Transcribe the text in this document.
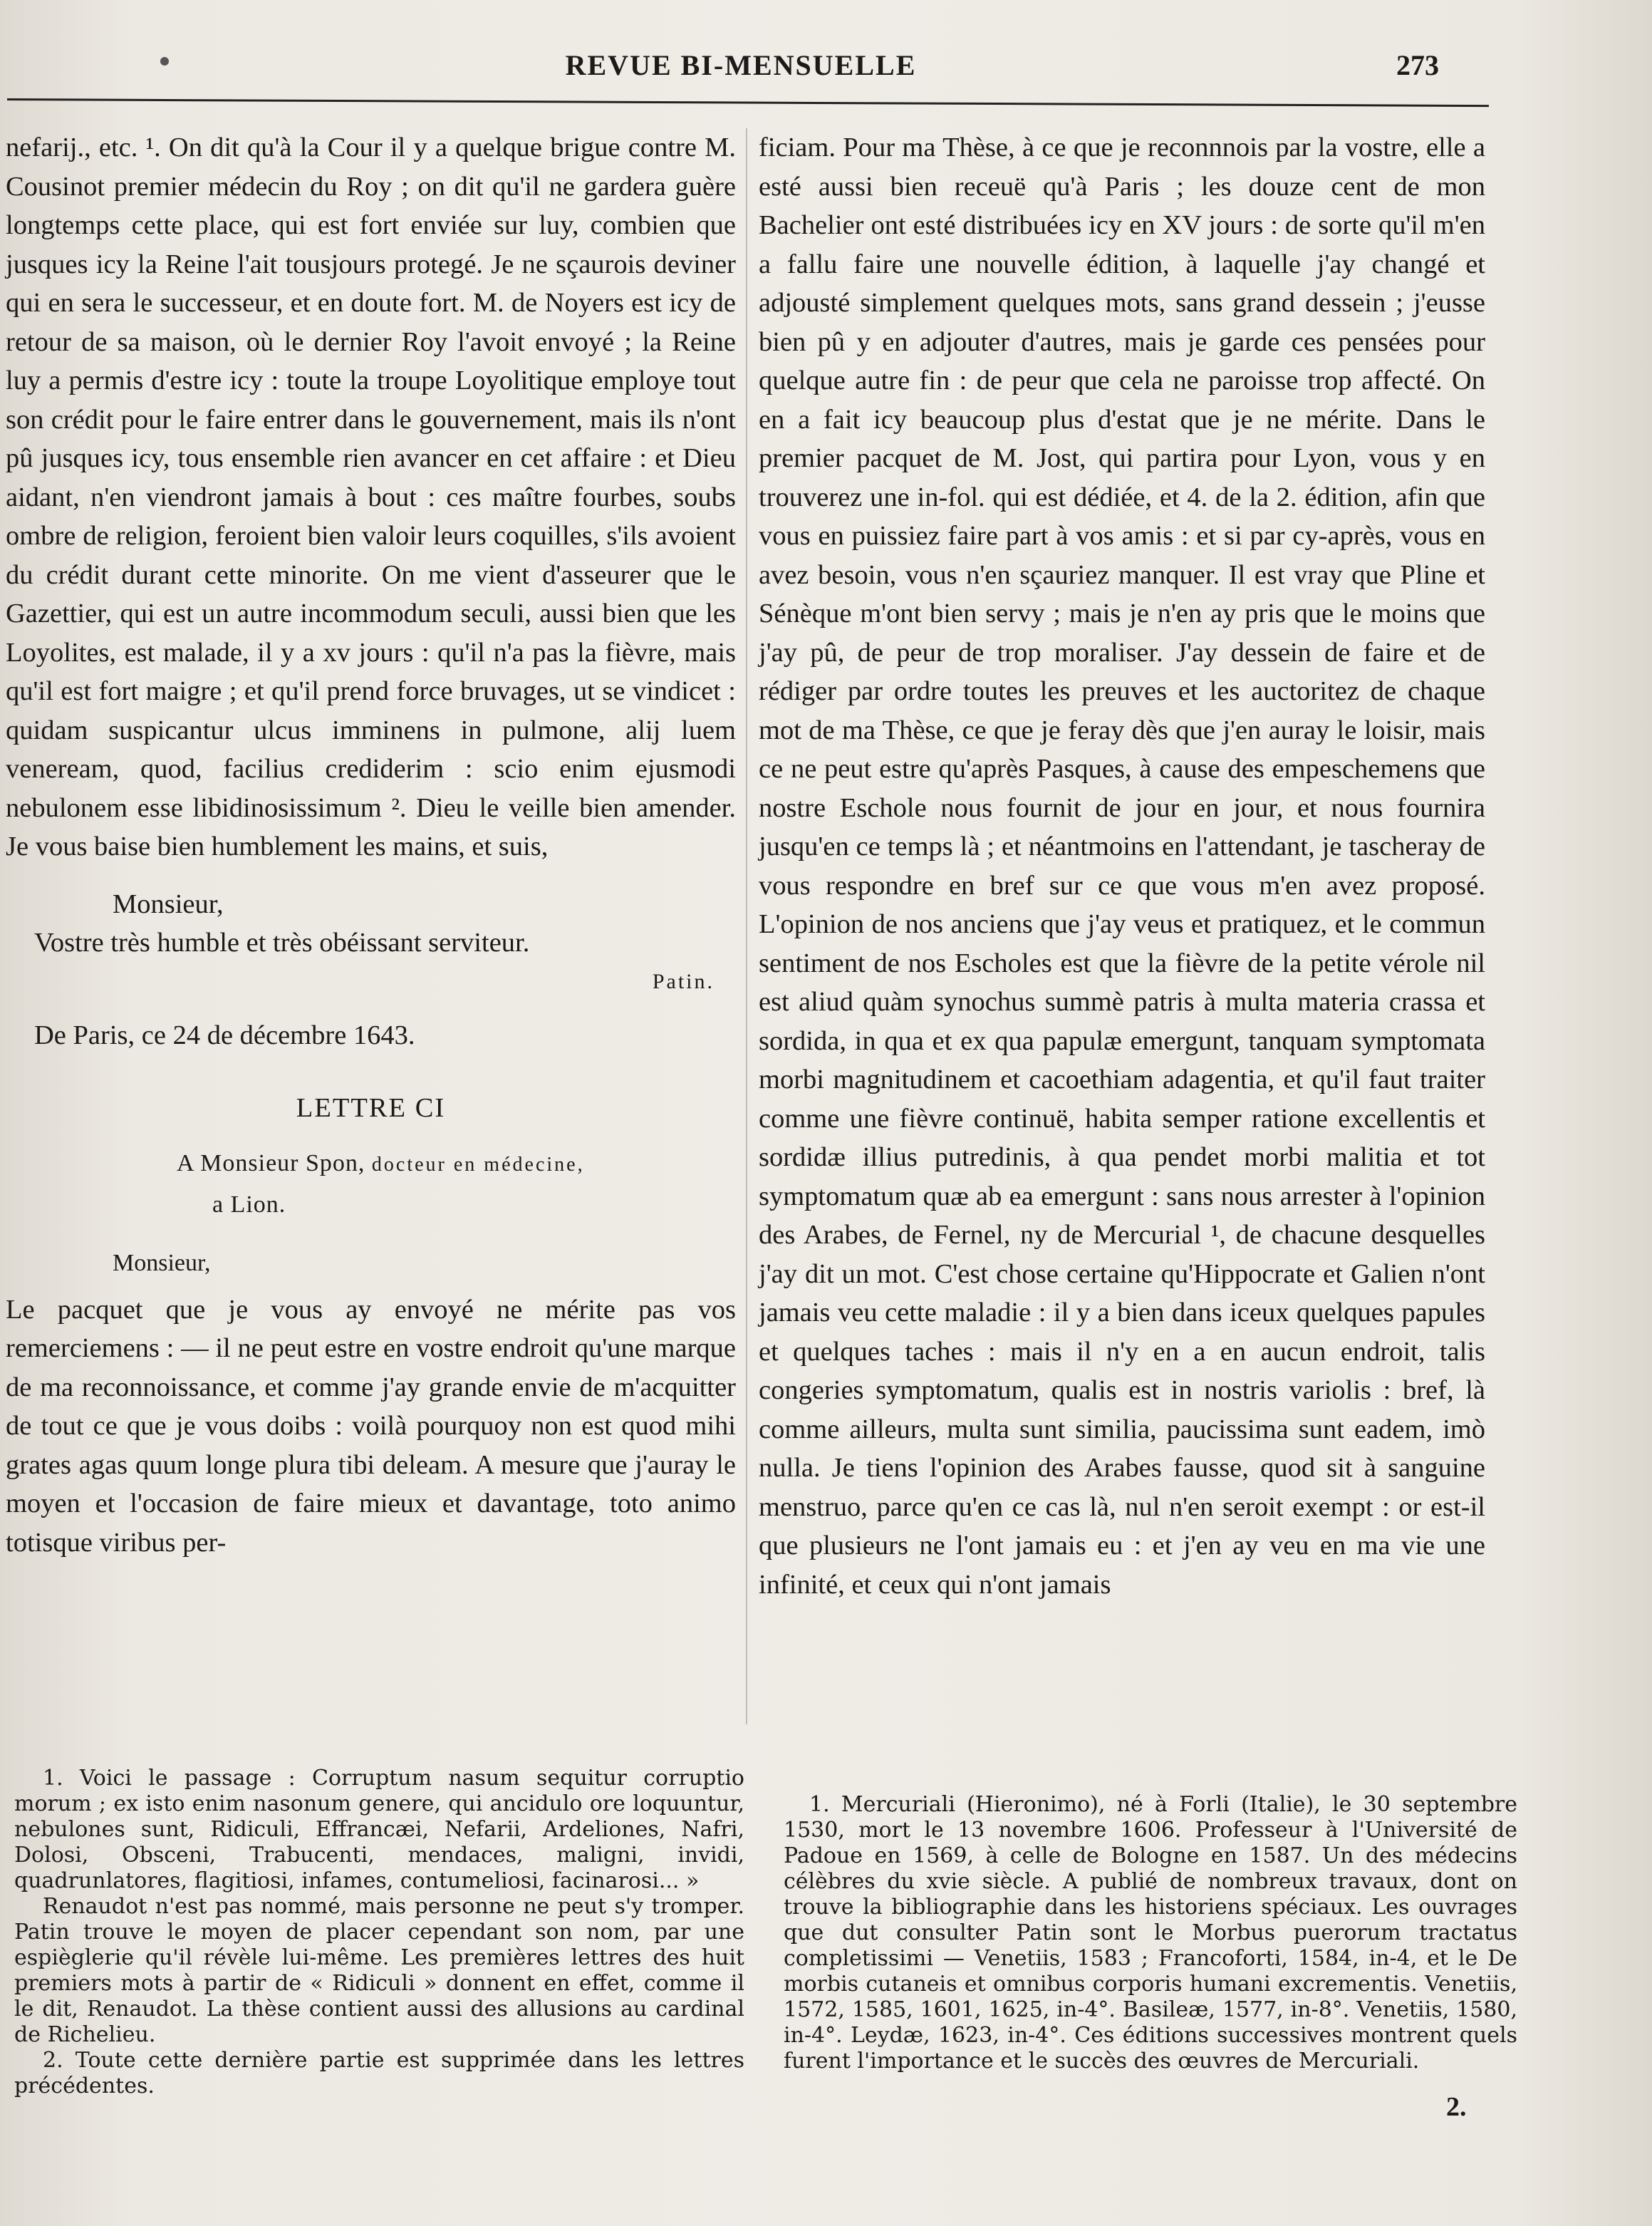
REVUE BI-MENSUELLE	273

nefarij., etc. ¹. On dit qu'à la Cour il y a quelque brigue contre M. Cousinot premier médecin du Roy ; on dit qu'il ne gardera guère longtemps cette place, qui est fort enviée sur luy, combien que jusques icy la Reine l'ait tousjours protegé. Je ne sçaurois deviner qui en sera le successeur, et en doute fort. M. de Noyers est icy de retour de sa maison, où le dernier Roy l'avoit envoyé ; la Reine luy a permis d'estre icy : toute la troupe Loyolitique employe tout son crédit pour le faire entrer dans le gouvernement, mais ils n'ont pû jusques icy, tous ensemble rien avancer en cet affaire : et Dieu aidant, n'en viendront jamais à bout : ces maître fourbes, soubs ombre de religion, feroient bien valoir leurs coquilles, s'ils avoient du crédit durant cette minorite. On me vient d'asseurer que le Gazettier, qui est un autre incommodum seculi, aussi bien que les Loyolites, est malade, il y a xv jours : qu'il n'a pas la fièvre, mais qu'il est fort maigre ; et qu'il prend force bruvages, ut se vindicet : quidam suspicantur ulcus imminens in pulmone, alij luem veneream, quod, facilius crediderim : scio enim ejusmodi nebulonem esse libidinosissimum ². Dieu le veille bien amender. Je vous baise bien humblement les mains, et suis,

Monsieur,

Vostre très humble et très obéissant serviteur.

Patin.

De Paris, ce 24 de décembre 1643.

LETTRE CI

A Monsieur Spon, docteur en médecine,
a Lion.

Monsieur,

Le pacquet que je vous ay envoyé ne mérite pas vos remerciemens : — il ne peut estre en vostre endroit qu'une marque de ma reconnoissance, et comme j'ay grande envie de m'acquitter de tout ce que je vous doibs : voilà pourquoy non est quod mihi grates agas quum longe plura tibi deleam. A mesure que j'auray le moyen et l'occasion de faire mieux et davantage, toto animo totisque viribus per-

ficiam. Pour ma Thèse, à ce que je reconnnois par la vostre, elle a esté aussi bien receuë qu'à Paris ; les douze cent de mon Bachelier ont esté distribuées icy en XV jours : de sorte qu'il m'en a fallu faire une nouvelle édition, à laquelle j'ay changé et adjousté simplement quelques mots, sans grand dessein ; j'eusse bien pû y en adjouter d'autres, mais je garde ces pensées pour quelque autre fin : de peur que cela ne paroisse trop affecté. On en a fait icy beaucoup plus d'estat que je ne mérite. Dans le premier pacquet de M. Jost, qui partira pour Lyon, vous y en trouverez une in-fol. qui est dédiée, et 4. de la 2. édition, afin que vous en puissiez faire part à vos amis : et si par cy-après, vous en avez besoin, vous n'en sçauriez manquer. Il est vray que Pline et Sénèque m'ont bien servy ; mais je n'en ay pris que le moins que j'ay pû, de peur de trop moraliser. J'ay dessein de faire et de rédiger par ordre toutes les preuves et les auctoritez de chaque mot de ma Thèse, ce que je feray dès que j'en auray le loisir, mais ce ne peut estre qu'après Pasques, à cause des empeschemens que nostre Eschole nous fournit de jour en jour, et nous fournira jusqu'en ce temps là ; et néantmoins en l'attendant, je tascheray de vous respondre en bref sur ce que vous m'en avez proposé. L'opinion de nos anciens que j'ay veus et pratiquez, et le commun sentiment de nos Escholes est que la fièvre de la petite vérole nil est aliud quàm synochus summè patris à multa materia crassa et sordida, in qua et ex qua papulæ emergunt, tanquam symptomata morbi magnitudinem et cacoethiam adagentia, et qu'il faut traiter comme une fièvre continuë, habita semper ratione excellentis et sordidæ illius putredinis, à qua pendet morbi malitia et tot symptomatum quæ ab ea emergunt : sans nous arrester à l'opinion des Arabes, de Fernel, ny de Mercurial ¹, de chacune desquelles j'ay dit un mot. C'est chose certaine qu'Hippocrate et Galien n'ont jamais veu cette maladie : il y a bien dans iceux quelques papules et quelques taches : mais il n'y en a en aucun endroit, talis congeries symptomatum, qualis est in nostris variolis : bref, là comme ailleurs, multa sunt similia, paucissima sunt eadem, imò nulla. Je tiens l'opinion des Arabes fausse, quod sit à sanguine menstruo, parce qu'en ce cas là, nul n'en seroit exempt : or est-il que plusieurs ne l'ont jamais eu : et j'en ay veu en ma vie une infinité, et ceux qui n'ont jamais

1. Voici le passage : Corruptum nasum sequitur corruptio morum ; ex isto enim nasonum genere, qui ancidulo ore loquuntur, nebulones sunt, Ridiculi, Effrancæi, Nefarii, Ardeliones, Nafri, Dolosi, Obsceni, Trabucenti, mendaces, maligni, invidi, quadrunlatores, flagitiosi, infames, contumeliosi, facinarosi... »

Renaudot n'est pas nommé, mais personne ne peut s'y tromper. Patin trouve le moyen de placer cependant son nom, par une espièglerie qu'il révèle lui-même. Les premières lettres des huit premiers mots à partir de « Ridiculi » donnent en effet, comme il le dit, Renaudot. La thèse contient aussi des allusions au cardinal de Richelieu.

2. Toute cette dernière partie est supprimée dans les lettres précédentes.

1. Mercuriali (Hieronimo), né à Forli (Italie), le 30 septembre 1530, mort le 13 novembre 1606. Professeur à l'Université de Padoue en 1569, à celle de Bologne en 1587. Un des médecins célèbres du xvie siècle. A publié de nombreux travaux, dont on trouve la bibliographie dans les historiens spéciaux. Les ouvrages que dut consulter Patin sont le Morbus puerorum tractatus completissimi — Venetiis, 1583 ; Francoforti, 1584, in-4, et le De morbis cutaneis et omnibus corporis humani excrementis. Venetiis, 1572, 1585, 1601, 1625, in-4°. Basileæ, 1577, in-8°. Venetiis, 1580, in-4°. Leydæ, 1623, in-4°. Ces éditions successives montrent quels furent l'importance et le succès des œuvres de Mercuriali.

2.
